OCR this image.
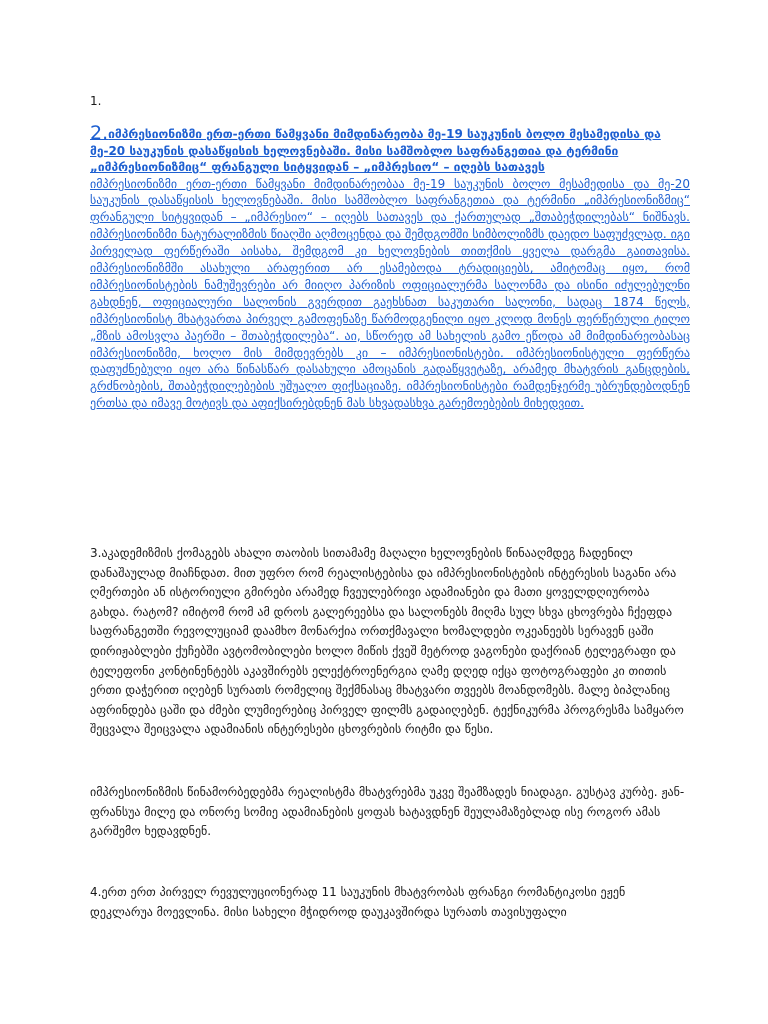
1.
2.იმპრესიონიზმი ერთ-ერთი წამყვანი მიმდინარეობა მე-19 საუკუნის ბოლო მესამედისა და მე-20 საუკუნის დასაწყისის ხელოვნებაში. მისი სამშობლო საფრანგეთია და ტერმინი „იმპრესიონიზმიც“ ფრანგული სიტყვიდან – „იმპრესიო“ – იღებს სათავეს
იმპრესიონიზმი ერთ-ერთი წამყვანი მიმდინარეობაა მე-19 საუკუნის ბოლო მესამედისა და მე-20 საუკუნის დასაწყისის ხელოვნებაში. მისი სამშობლო საფრანგეთია და ტერმინი „იმპრესიონიზმიც“ ფრანგული სიტყვიდან – „იმპრესიო“ – იღებს სათავეს და ქართულად „შთაბეჭდილებას“ ნიშნავს. იმპრესიონიზმი ნატურალიზმის წიაღში აღმოცენდა და შემდგომში სიმბოლიზმს დაედო საფუძვლად. იგი პირველად ფერწერაში აისახა, შემდგომ კი ხელოვნების თითქმის ყველა დარგმა გაითავისა. იმპრესიონიზმში ასახული არაფერით არ ესამებოდა ტრადიციებს, ამიტომაც იყო, რომ იმპრესიონისტების ნამუშევრები არ მიიღო პარიზის ოფიციალურმა სალონმა და ისინი იძულებულნი გახდნენ, ოფიციალური სალონის გვერდით გაეხსნათ საკუთარი სალონი, სადაც 1874 წელს, იმპრესიონისტ მხატვართა პირველ გამოფენაზე წარმოდგენილი იყო კლოდ მონეს ფერწერული ტილო „მზის ამოსვლა პაერში – შთაბეჭდილება“. აი, სწორედ ამ სახელის გამო ეწოდა ამ მიმდინარეობასაც იმპრესიონიზმი, ხოლო მის მიმდევრებს კი – იმპრესიონისტები. იმპრესიონისტული ფერწერა დაფუძნებული იყო არა წინასწარ დასახული ამოცანის გადაწყვეტაზე, არამედ მხატვრის განცდების, გრძნობების, შთაბეჭდილებების უშუალო ფიქსაციაზე. იმპრესიონისტები რამდენჯერმე უბრუნდებოდნენ ერთსა და იმავე მოტივს და აფიქსირებდნენ მას სხვადასხვა გარემოებების მიხედვით.

3.აკადემიზმის ქომაგებს ახალი თაობის სითამამე მაღალი ხელოვნების წინააღმდეგ ჩადენილ დანაშაულად მიაჩნდათ. მით უფრო რომ რეალისტებისა და იმპრესიონისტების ინტერესის საგანი არა ღმერთები ან ისტორიული გმირები არამედ ჩვეულებრივი ადამიანები და მათი ყოველდღიურობა გახდა. რატომ? იმიტომ რომ ამ დროს გალერეებსა და სალონებს მიღმა სულ სხვა ცხოვრება ჩქეფდა საფრანგეთში რევოლუციამ დაამხო მონარქია ორთქმავალი ხომალდები ოკეანეებს სერავენ ცაში დირიჟაბლები ქუჩებში ავტომობილები ხოლო მიწის ქვეშ მეტროდ ვაგონები დაქრიან ტელეგრაფი და ტელეფონი კონტინენტებს აკავშირებს ელექტროენერგია ღამე დღედ იქცა ფოტოგრაფები კი თითის ერთი დაჭერით იღებენ სურათს რომელიც შექმნასაც მხატვარი თვეებს მოანდომებს. მალე ბიპლანიც აფრინდება ცაში და ძმები ლუმიერებიც პირველ ფილმს გადაიღებენ. ტექნიკურმა პროგრესმა სამყარო შეცვალა შეიცვალა ადამიანის ინტერესები ცხოვრების რიტმი და წესი.

იმპრესიონიზმის წინამორბედებმა რეალისტმა მხატვრებმა უკვე შეამზადეს ნიადაგი. გუსტავ კურბე. ჟან-ფრანსუა მილე და ონორე სომიე ადამიანების ყოფას ხატავდნენ შეულამაზებლად ისე როგორ ამას გარშემო ხედავდნენ.

4.ერთ ერთ პირველ რევულუციონერად 11 საუკუნის მხატვრობას ფრანგი რომანტიკოსი ეჟენ დეკლარუა მოევლინა. მისი სახელი მჭიდროდ დაუკავშირდა სურათს თავისუფალი
